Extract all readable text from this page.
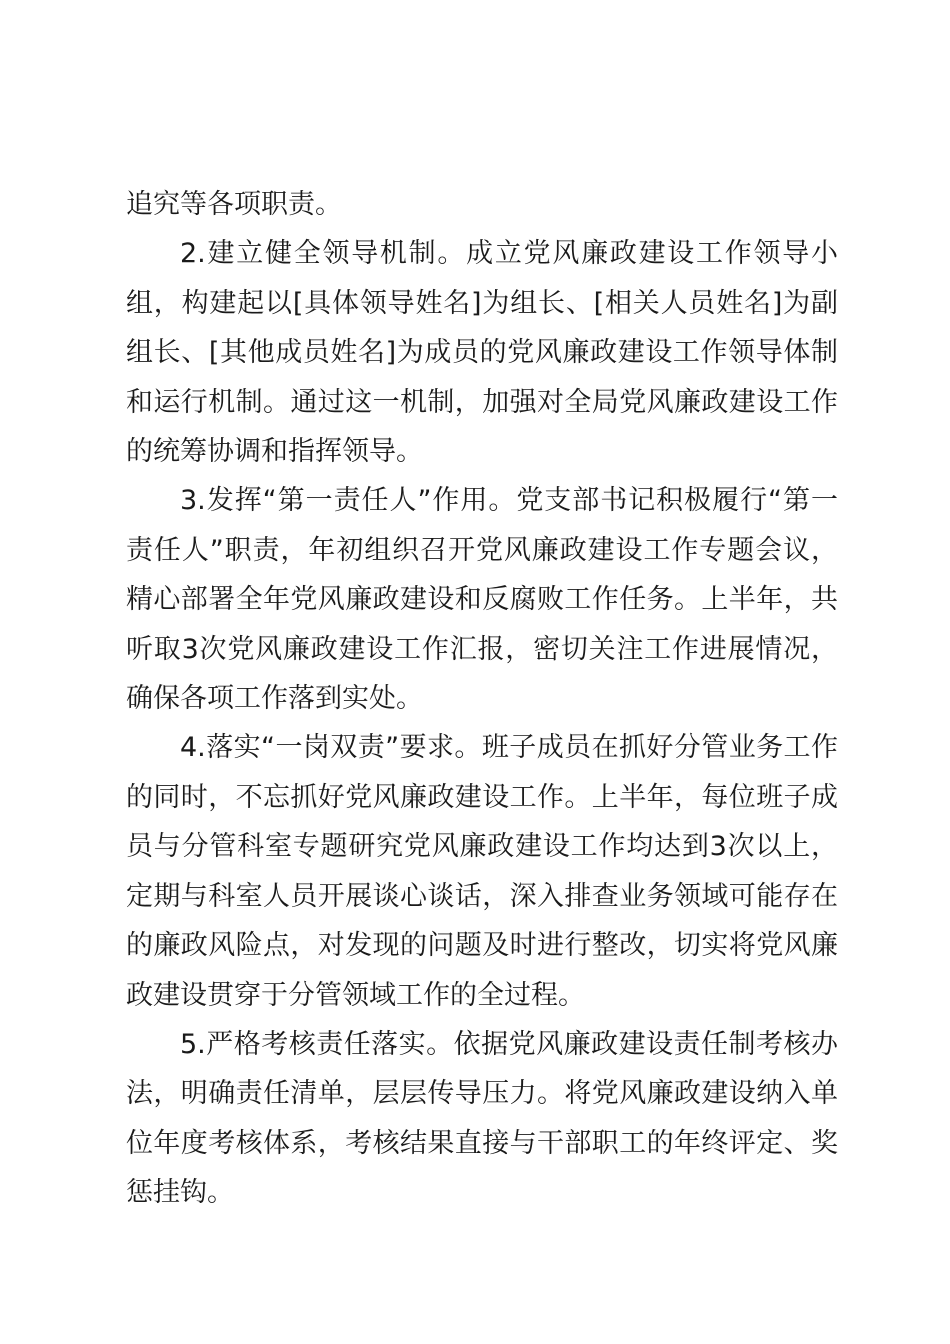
追究等各项职责。

2.建立健全领导机制。成立党风廉政建设工作领导小组，构建起以[具体领导姓名]为组长、[相关人员姓名]为副组长、[其他成员姓名]为成员的党风廉政建设工作领导体制和运行机制。通过这一机制，加强对全局党风廉政建设工作的统筹协调和指挥领导。

3.发挥“第一责任人”作用。党支部书记积极履行“第一责任人”职责，年初组织召开党风廉政建设工作专题会议，精心部署全年党风廉政建设和反腐败工作任务。上半年，共听取3次党风廉政建设工作汇报，密切关注工作进展情况，确保各项工作落到实处。

4.落实“一岗双责”要求。班子成员在抓好分管业务工作的同时，不忘抓好党风廉政建设工作。上半年，每位班子成员与分管科室专题研究党风廉政建设工作均达到3次以上，定期与科室人员开展谈心谈话，深入排查业务领域可能存在的廉政风险点，对发现的问题及时进行整改，切实将党风廉政建设贯穿于分管领域工作的全过程。

5.严格考核责任落实。依据党风廉政建设责任制考核办法，明确责任清单，层层传导压力。将党风廉政建设纳入单位年度考核体系，考核结果直接与干部职工的年终评定、奖惩挂钩。
